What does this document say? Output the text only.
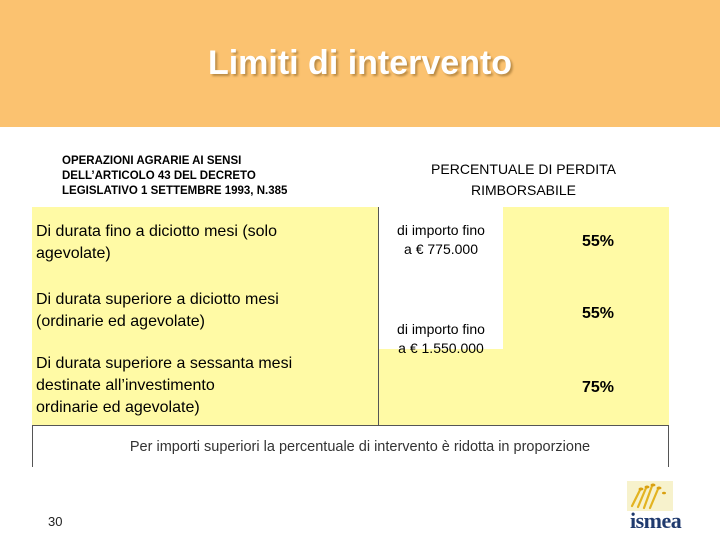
Limiti di intervento
OPERAZIONI AGRARIE AI SENSI
DELL’ARTICOLO 43 DEL DECRETO
LEGISLATIVO 1 SETTEMBRE 1993, N.385
PERCENTUALE DI PERDITA
RIMBORSABILE
Di durata fino a diciotto mesi (solo
agevolate)
Di durata superiore a diciotto mesi
(ordinarie ed agevolate)
Di durata superiore a sessanta mesi
destinate all’investimento
ordinarie ed agevolate)
di importo fino
a € 775.000
di importo fino
a € 1.550.000
55%
55%
75%
Per importi superiori la percentuale di intervento è ridotta in proporzione
30	ismea
